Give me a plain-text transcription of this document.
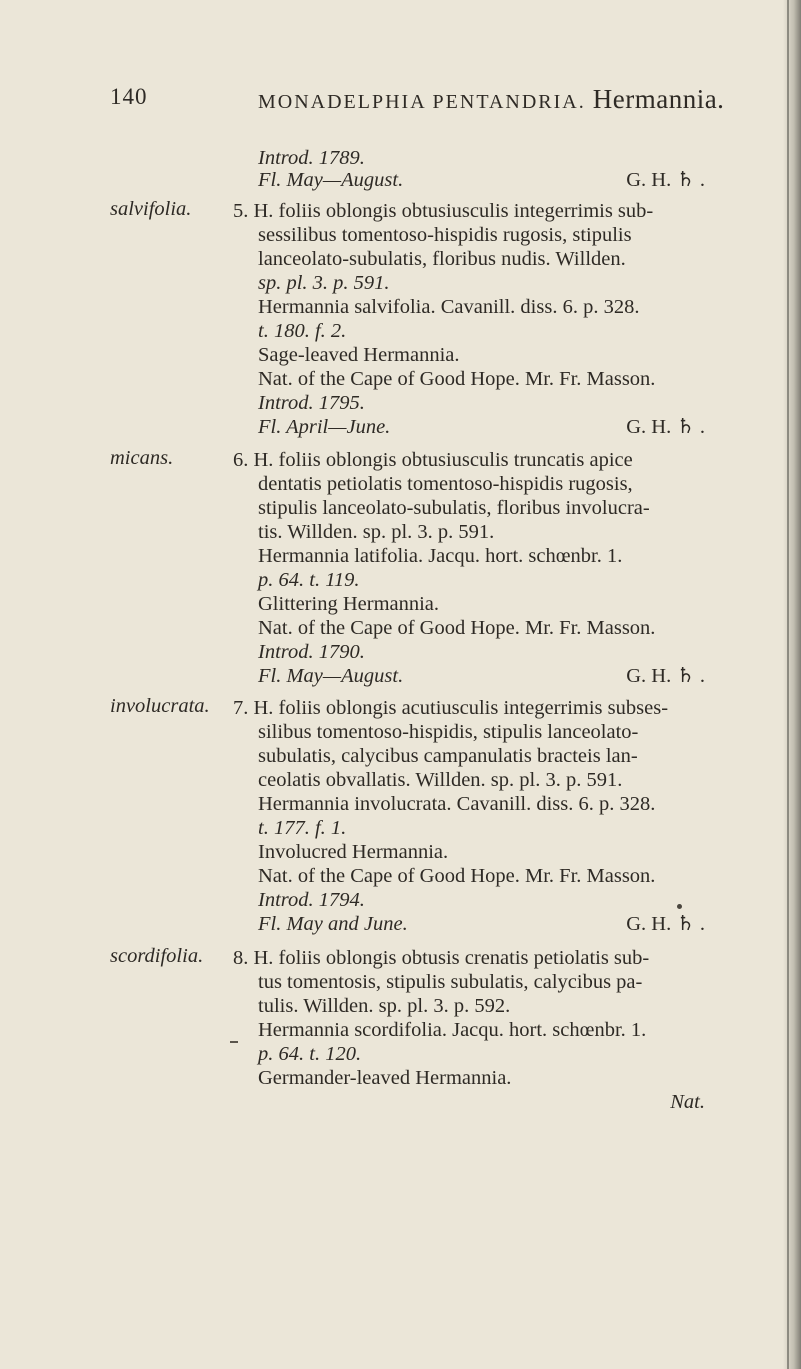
140	MONADELPHIA PENTANDRIA. Hermannia.
Introd. 1789.
Fl. May—August.	G. H. ♄ .
salvifolia. 5. H. foliis oblongis obtusiusculis integerrimis sub-
sessilibus tomentoso-hispidis rugosis, stipulis
lanceolato-subulatis, floribus nudis. Willden.
sp. pl. 3. p. 591.
Hermannia salvifolia. Cavanill. diss. 6. p. 328.
t. 180. f. 2.
Sage-leaved Hermannia.
Nat. of the Cape of Good Hope. Mr. Fr. Masson.
Introd. 1795.
Fl. April—June.	G. H. ♄ .
micans.	6. H. foliis oblongis obtusiusculis truncatis apice
dentatis petiolatis tomentoso-hispidis rugosis,
stipulis lanceolato-subulatis, floribus involucra-
tis. Willden. sp. pl. 3. p. 591.
Hermannia latifolia. Jacqu. hort. schœnbr. 1.
p. 64. t. 119.
Glittering Hermannia.
Nat. of the Cape of Good Hope. Mr. Fr. Masson.
Introd. 1790.
Fl. May—August.	G. H. ♄ .
involucrata. 7. H. foliis oblongis acutiusculis integerrimis subses-
silibus tomentoso-hispidis, stipulis lanceolato-
subulatis, calycibus campanulatis bracteis lan-
ceolatis obvallatis. Willden. sp. pl. 3. p. 591.
Hermannia involucrata. Cavanill. diss. 6. p. 328.
t. 177. f. 1.
Involucred Hermannia.
Nat. of the Cape of Good Hope. Mr. Fr. Masson.
Introd. 1794.
Fl. May and June.	G. H. ♄ .
scordifolia. 8. H. foliis oblongis obtusis crenatis petiolatis sub-
tus tomentosis, stipulis subulatis, calycibus pa-
tulis. Willden. sp. pl. 3. p. 592.
Hermannia scordifolia. Jacqu. hort. schœnbr. 1.
p. 64. t. 120.
Germander-leaved Hermannia.
Nat.
